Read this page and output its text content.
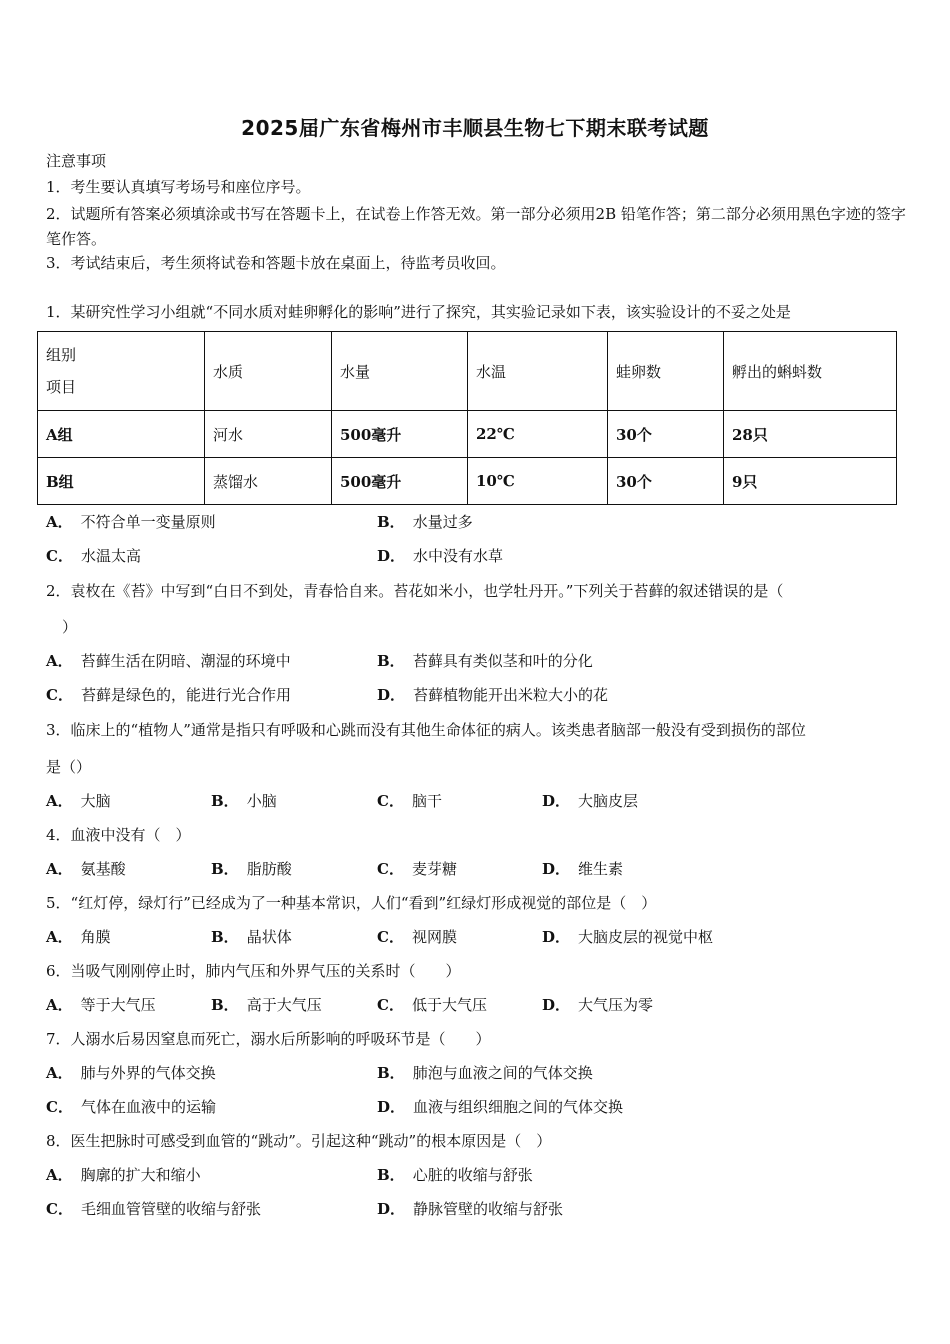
2025届广东省梅州市丰顺县生物七下期末联考试题
注意事项
1．考生要认真填写考场号和座位序号。
2．试题所有答案必须填涂或书写在答题卡上，在试卷上作答无效。第一部分必须用2B 铅笔作答；第二部分必须用黑色字迹的签字笔作答。
3．考试结束后，考生须将试卷和答题卡放在桌面上，待监考员收回。
1．某研究性学习小组就“不同水质对蛙卵孵化的影响”进行了探究，其实验记录如下表，该实验设计的不妥之处是
组别
项目	水质	水量	水温	蛙卵数	孵出的蝌蚪数
A组	河水	500毫升	22℃	30个	28只
B组	蒸馏水	500毫升	10℃	30个	9只
A． 不符合单一变量原则	B． 水量过多
C． 水温太高	D． 水中没有水草
2．袁枚在《苔》中写到“白日不到处，青春恰自来。苔花如米小，也学牡丹开。”下列关于苔藓的叙述错误的是（
）
A． 苔藓生活在阴暗、潮湿的环境中	B． 苔藓具有类似茎和叶的分化
C． 苔藓是绿色的，能进行光合作用	D． 苔藓植物能开出米粒大小的花
3．临床上的“植物人”通常是指只有呼吸和心跳而没有其他生命体征的病人。该类患者脑部一般没有受到损伤的部位
是（）
A． 大脑	B． 小脑	C． 脑干	D． 大脑皮层
4．血液中没有（　）
A． 氨基酸	B． 脂肪酸	C． 麦芽糖	D． 维生素
5．“红灯停，绿灯行”已经成为了一种基本常识，人们“看到”红绿灯形成视觉的部位是（　）
A． 角膜	B． 晶状体	C． 视网膜	D． 大脑皮层的视觉中枢
6．当吸气刚刚停止时，肺内气压和外界气压的关系时（　　）
A． 等于大气压	B． 高于大气压	C． 低于大气压	D． 大气压为零
7．人溺水后易因窒息而死亡，溺水后所影响的呼吸环节是（　　）
A． 肺与外界的气体交换	B． 肺泡与血液之间的气体交换
C． 气体在血液中的运输	D． 血液与组织细胞之间的气体交换
8．医生把脉时可感受到血管的“跳动”。引起这种“跳动”的根本原因是（　）
A． 胸廓的扩大和缩小	B． 心脏的收缩与舒张
C． 毛细血管管壁的收缩与舒张	D． 静脉管壁的收缩与舒张
